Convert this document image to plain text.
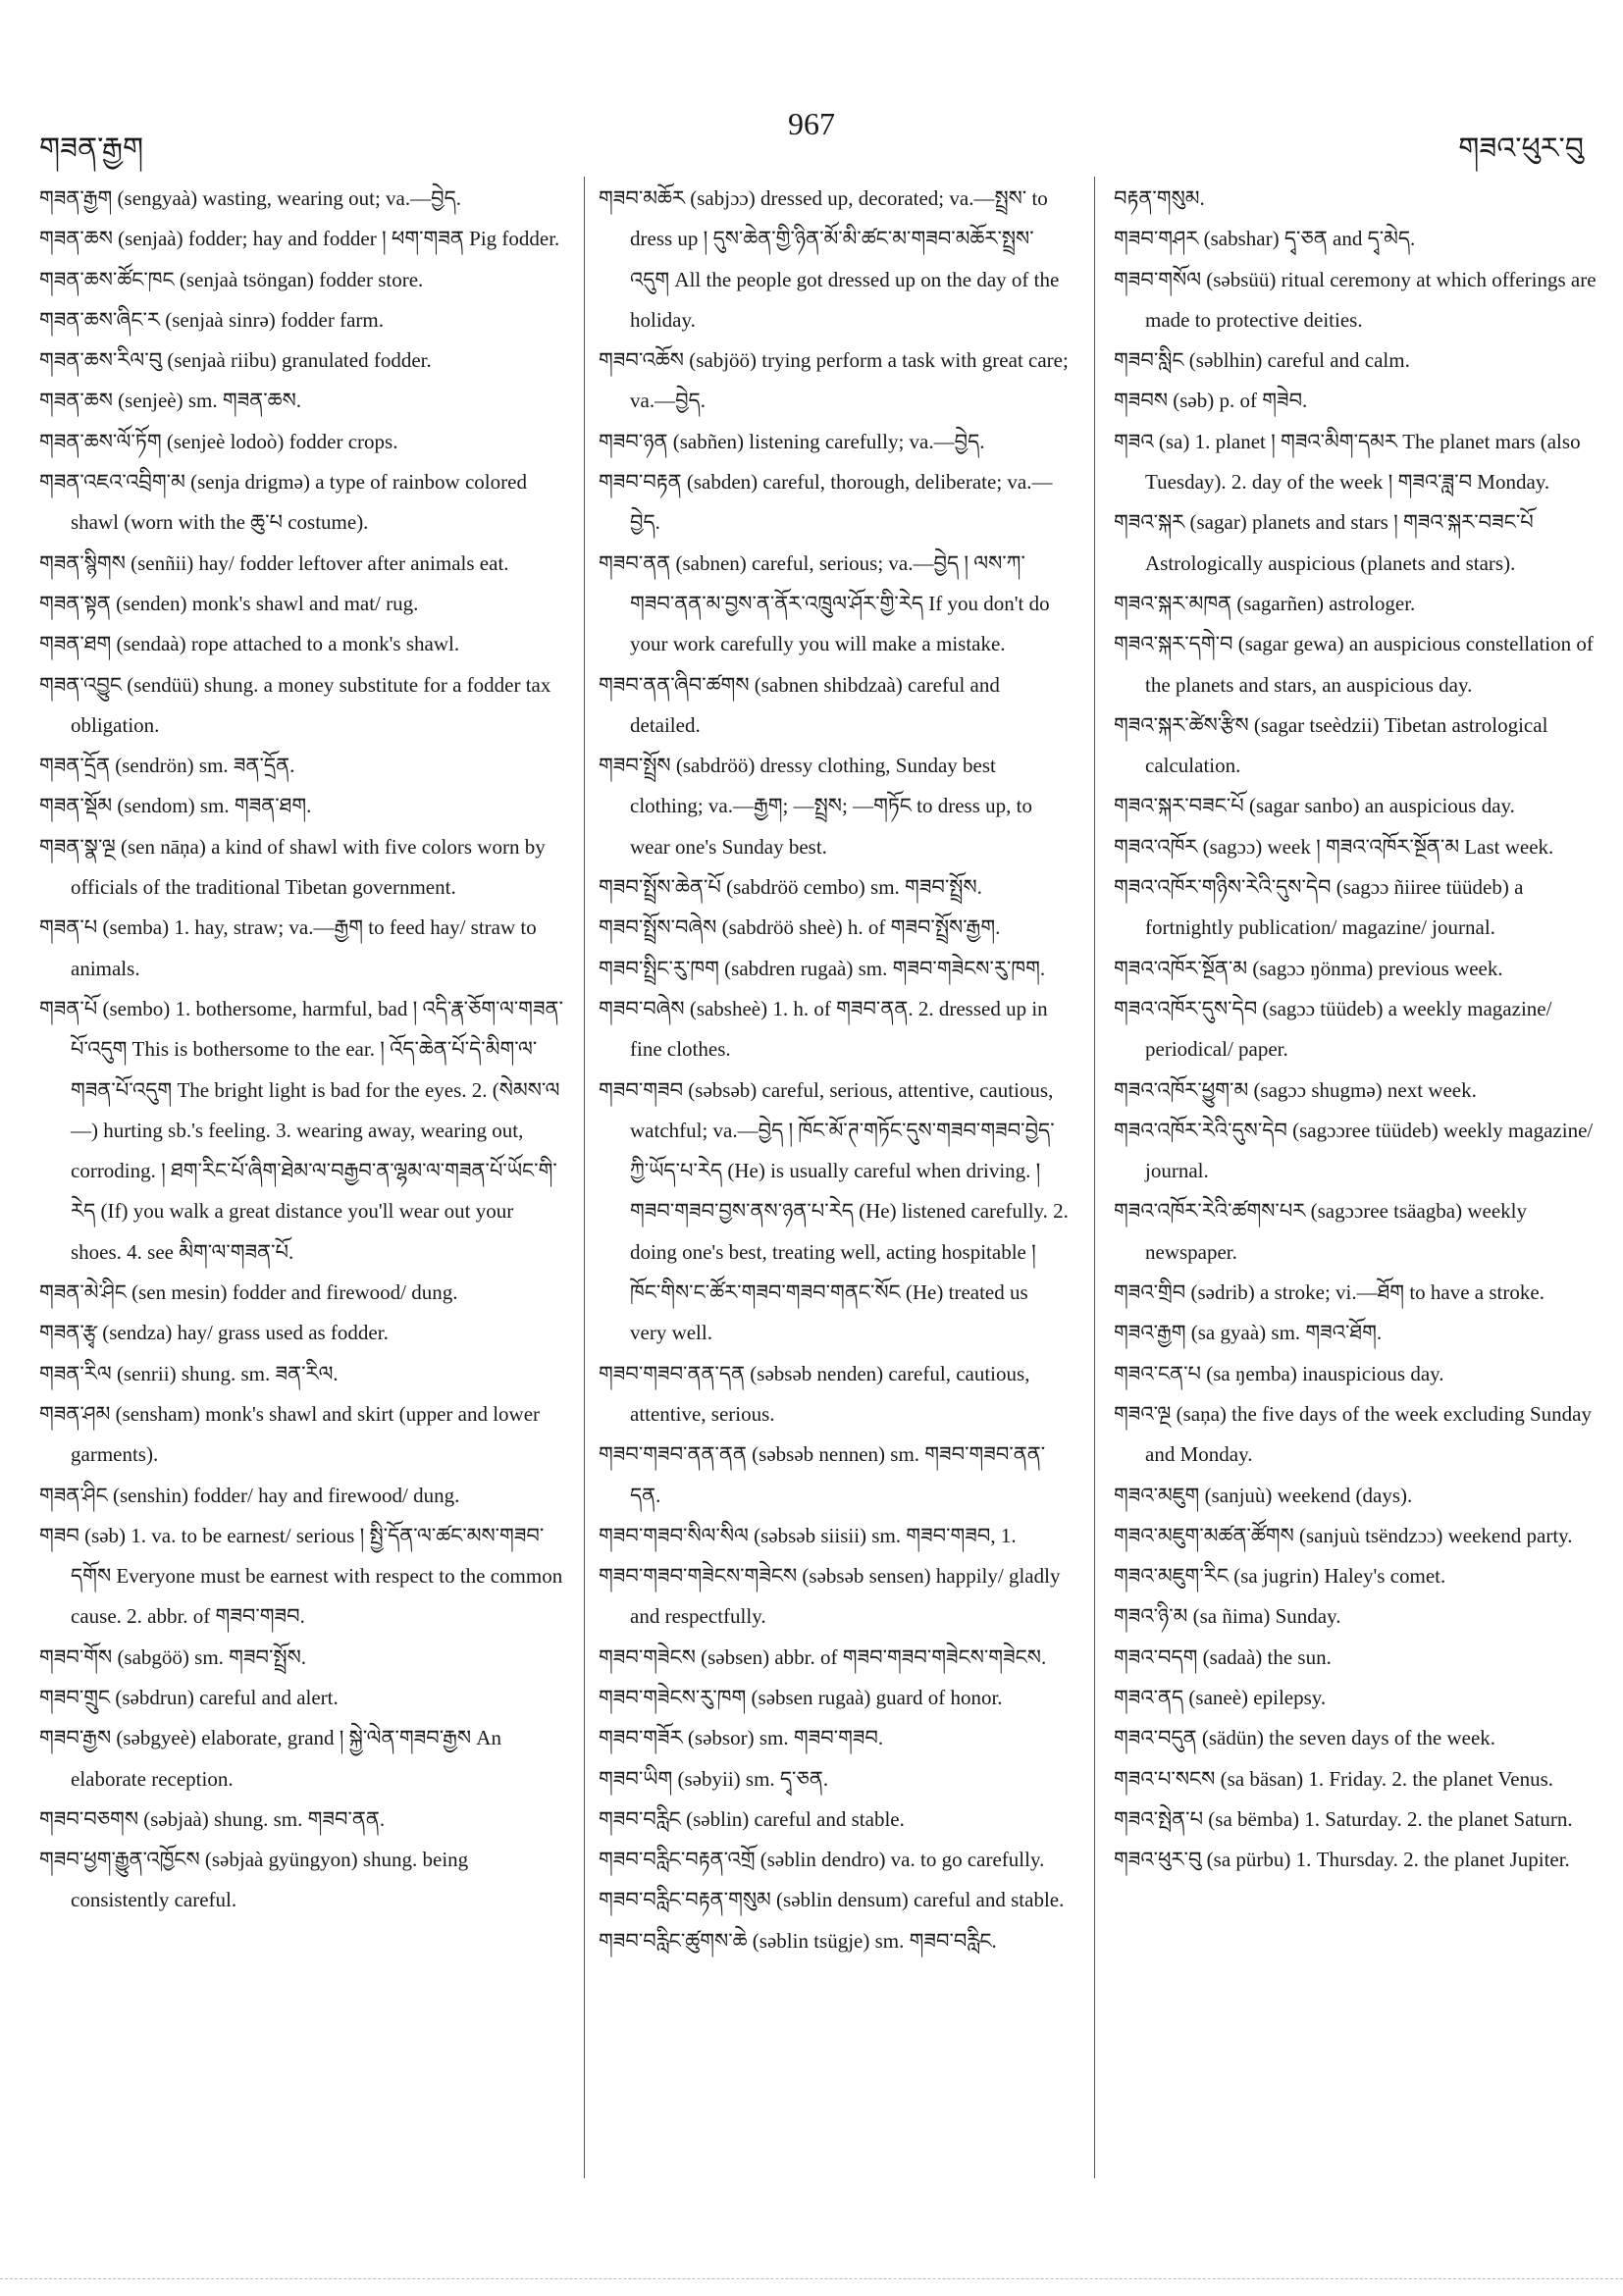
གཟན་རྒྱག
967
གཟའ་ཕུར་བུ

གཟན་རྒྱག (sengyaà) wasting, wearing out; va.—བྱེད.

གཟན་ཆས (senjaà) fodder; hay and fodder ། ཕག་གཟན Pig fodder.

གཟན་ཆས་ཚོང་ཁང (senjaà tsöngan) fodder store.

གཟན་ཆས་ཞིང་ར (senjaà sinrə) fodder farm.

གཟན་ཆས་རིལ་བུ (senjaà riibu) granulated fodder.

གཟན་ཆས (senjeè) sm. གཟན་ཆས.

གཟན་ཆས་ལོ་ཏོག (senjeè lodoò) fodder crops.

གཟན་འཇའ་འབྲིག་མ (senja drigmə) a type of rainbow colored shawl (worn with the ཆུ་པ costume).

གཟན་སྙིགས (senñii) hay/ fodder leftover after animals eat.

གཟན་སྟན (senden) monk's shawl and mat/ rug.

གཟན་ཐག (sendaà) rope attached to a monk's shawl.

གཟན་འབྱུང (sendüü) shung. a money substitute for a fodder tax obligation.

གཟན་དྲོན (sendrön) sm. ཟན་དྲོན.

གཟན་སྡོམ (sendom) sm. གཟན་ཐག.

གཟན་སྣ་ལྔ (sen nāņa) a kind of shawl with five colors worn by officials of the traditional Tibetan government.

གཟན་པ (semba) 1. hay, straw; va.—རྒྱག to feed hay/ straw to animals.

གཟན་པོ (sembo) 1. bothersome, harmful, bad ། འདི་རྣ་ཅོག་ལ་གཟན་པོ་འདུག This is bothersome to the ear. ། འོད་ཆེན་པོ་དེ་མིག་ལ་གཟན་པོ་འདུག The bright light is bad for the eyes. 2. (སེམས་ལ —) hurting sb.'s feeling. 3. wearing away, wearing out, corroding. ། ཐག་རིང་པོ་ཞིག་ཐེམ་ལ་བརྒྱབ་ན་ལྷམ་ལ་གཟན་པོ་ཡོང་གི་རེད (If) you walk a great distance you'll wear out your shoes. 4. see མིག་ལ་གཟན་པོ.

གཟན་མེ་ཤིང (sen mesin) fodder and firewood/ dung.

གཟན་རྩྭ (sendza) hay/ grass used as fodder.

གཟན་རིལ (senrii) shung. sm. ཟན་རིལ.

གཟན་ཤམ (sensham) monk's shawl and skirt (upper and lower garments).

གཟན་ཤིང (senshin) fodder/ hay and firewood/ dung.

གཟབ (səb) 1. va. to be earnest/ serious ། སྤྱི་དོན་ལ་ཚང་མས་གཟབ་དགོས Everyone must be earnest with respect to the common cause. 2. abbr. of གཟབ་གཟབ.

གཟབ་གོས (sabgöö) sm. གཟབ་སྤྲོས.

གཟབ་གྲུང (səbdrun) careful and alert.

གཟབ་རྒྱས (səbgyeè) elaborate, grand ། སྐྱེ་ལེན་གཟབ་རྒྱས An elaborate reception.

གཟབ་བཅགས (səbjaà) shung. sm. གཟབ་ནན.

གཟབ་ཕྱག་རྒྱུན་འཁྱོངས (səbjaà gyüngyon) shung. being consistently careful.

གཟབ་མཆོར (sabjɔɔ) dressed up, decorated; va.—སྤྲས་ to dress up ། དུས་ཆེན་གྱི་ཉིན་མོ་མི་ཚང་མ་གཟབ་མཆོར་སྤྲས་འདུག All the people got dressed up on the day of the holiday.

གཟབ་འཆོས (sabjöö) trying perform a task with great care; va.—བྱེད.

གཟབ་ཉན (sabñen) listening carefully; va.—བྱེད.

གཟབ་བརྟན (sabden) careful, thorough, deliberate; va.—བྱེད.

གཟབ་ནན (sabnen) careful, serious; va.—བྱེད ། ལས་ཀ་གཟབ་ནན་མ་བྱས་ན་ནོར་འཁྲུལ་ཤོར་གྱི་རེད If you don't do your work carefully you will make a mistake.

གཟབ་ནན་ཞིབ་ཚགས (sabnen shibdzaà) careful and detailed.

གཟབ་སྤྲོས (sabdröö) dressy clothing, Sunday best clothing; va.—རྒྱག; —སྤྲས; —གཏོང to dress up, to wear one's Sunday best.

གཟབ་སྤྲོས་ཆེན་པོ (sabdröö cembo) sm. གཟབ་སྤྲོས.

གཟབ་སྤྲོས་བཞེས (sabdröö sheè) h. of གཟབ་སྤྲོས་རྒྱག.

གཟབ་སྤྲིང་རུ་ཁག (sabdren rugaà) sm. གཟབ་གཟེངས་རུ་ཁག.

གཟབ་བཞེས (sabsheè) 1. h. of གཟབ་ནན. 2. dressed up in fine clothes.

གཟབ་གཟབ (səbsəb) careful, serious, attentive, cautious, watchful; va.—བྱེད ། ཁོང་མོ་ཊ་གཏོང་དུས་གཟབ་གཟབ་བྱེད་ཀྱི་ཡོད་པ་རེད (He) is usually careful when driving. ། གཟབ་གཟབ་བྱས་ནས་ཉན་པ་རེད (He) listened carefully. 2. doing one's best, treating well, acting hospitable ། ཁོང་གིས་ང་ཚོར་གཟབ་གཟབ་གནང་སོང (He) treated us very well.

གཟབ་གཟབ་ནན་དན (səbsəb nenden) careful, cautious, attentive, serious.

གཟབ་གཟབ་ནན་ནན (səbsəb nennen) sm. གཟབ་གཟབ་ནན་དན.

གཟབ་གཟབ་སིལ་སིལ (səbsəb siisii) sm. གཟབ་གཟབ, 1.

གཟབ་གཟབ་གཟེངས་གཟེངས (səbsəb sensen) happily/ gladly and respectfully.

གཟབ་གཟེངས (səbsen) abbr. of གཟབ་གཟབ་གཟེངས་གཟེངས.

གཟབ་གཟེངས་རུ་ཁག (səbsen rugaà) guard of honor.

གཟབ་གཟོར (səbsor) sm. གཟབ་གཟབ.

གཟབ་ཡིག (səbyii) sm. དྭ་ཅན.

གཟབ་བརླིང (səblin) careful and stable.

གཟབ་བརླིང་བརྟན་འགྲོ (səblin dendro) va. to go carefully.

གཟབ་བརླིང་བརྟན་གསུམ (səblin densum) careful and stable.

གཟབ་བརླིང་ཚུགས་ཆེ (səblin tsügje) sm. གཟབ་བརླིང.

བརྟན་གསུམ.

གཟབ་གཤར (sabshar) དྭ་ཅན and དྭ་མེད.

གཟབ་གསོལ (səbsüü) ritual ceremony at which offerings are made to protective deities.

གཟབ་སླིང (səblhin) careful and calm.

གཟབས (səb) p. of གཟེབ.

གཟའ (sa) 1. planet ། གཟའ་མིག་དམར The planet mars (also Tuesday). 2. day of the week ། གཟའ་ཟླ་བ Monday.

གཟའ་སྐར (sagar) planets and stars ། གཟའ་སྐར་བཟང་པོ Astrologically auspicious (planets and stars).

གཟའ་སྐར་མཁན (sagarñen) astrologer.

གཟའ་སྐར་དགེ་བ (sagar gewa) an auspicious constellation of the planets and stars, an auspicious day.

གཟའ་སྐར་ཚེས་རྩིས (sagar tseèdzii) Tibetan astrological calculation.

གཟའ་སྐར་བཟང་པོ (sagar sanbo) an auspicious day.

གཟའ་འཁོར (sagɔɔ) week ། གཟའ་འཁོར་སྔོན་མ Last week.

གཟའ་འཁོར་གཉིས་རེའི་དུས་དེབ (sagɔɔ ñiiree tüüdeb) a fortnightly publication/ magazine/ journal.

གཟའ་འཁོར་སྔོན་མ (sagɔɔ ŋönma) previous week.

གཟའ་འཁོར་དུས་དེབ (sagɔɔ tüüdeb) a weekly magazine/ periodical/ paper.

གཟའ་འཁོར་ཕྱུག་མ (sagɔɔ shugmə) next week.

གཟའ་འཁོར་རེའི་དུས་དེབ (sagɔɔree tüüdeb) weekly magazine/ journal.

གཟའ་འཁོར་རེའི་ཚགས་པར (sagɔɔree tsäagba) weekly newspaper.

གཟའ་གྲིབ (sədrib) a stroke; vi.—ཐོག to have a stroke.

གཟའ་རྒྱག (sa gyaà) sm. གཟའ་ཐོག.

གཟའ་ངན་པ (sa ŋemba) inauspicious day.

གཟའ་ལྔ (saņa) the five days of the week excluding Sunday and Monday.

གཟའ་མཇུག (sanjuù) weekend (days).

གཟའ་མཇུག་མཚན་ཚོགས (sanjuù tsëndzɔɔ) weekend party.

གཟའ་མཇུག་རིང (sa jugrin) Haley's comet.

གཟའ་ཉི་མ (sa ñima) Sunday.

གཟའ་བདག (sadaà) the sun.

གཟའ་ནད (saneè) epilepsy.

གཟའ་བདུན (sädün) the seven days of the week.

གཟའ་པ་སངས (sa bäsan) 1. Friday. 2. the planet Venus.

གཟའ་སྤེན་པ (sa bëmba) 1. Saturday. 2. the planet Saturn.

གཟའ་ཕུར་བུ (sa pürbu) 1. Thursday. 2. the planet Jupiter.
